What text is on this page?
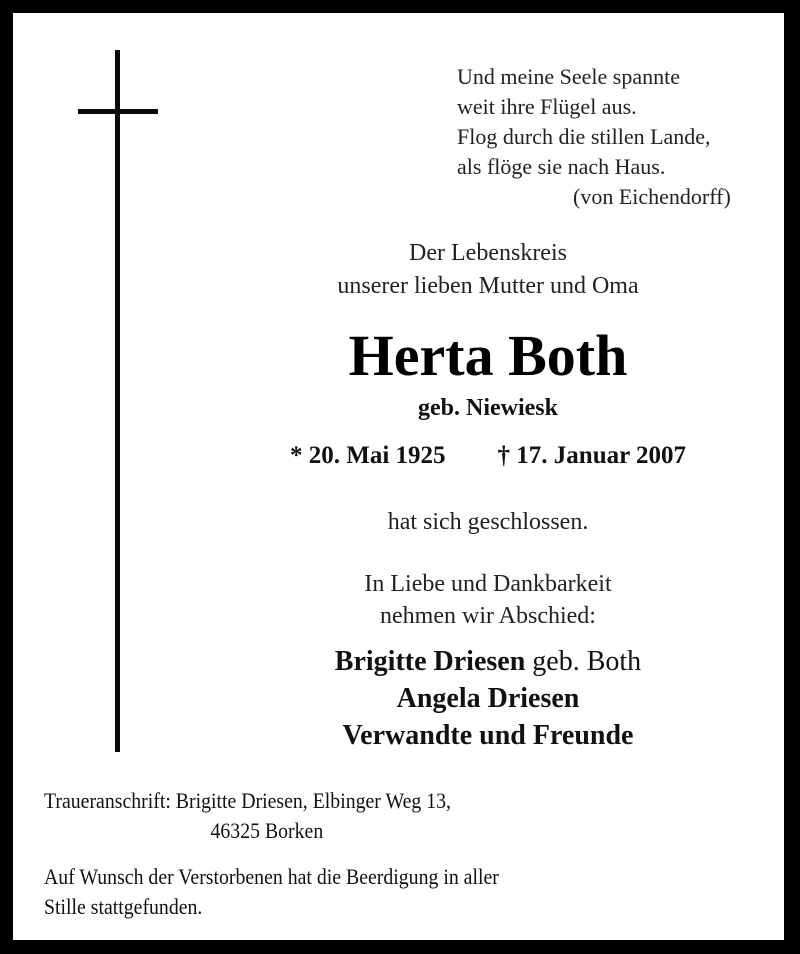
Und meine Seele spannte
weit ihre Flügel aus.
Flog durch die stillen Lande,
als flöge sie nach Haus.
(von Eichendorff)
Der Lebenskreis
unserer lieben Mutter und Oma
Herta Both
geb. Niewiesk
* 20. Mai 1925 † 17. Januar 2007
hat sich geschlossen.
In Liebe und Dankbarkeit
nehmen wir Abschied:
Brigitte Driesen geb. Both
Angela Driesen
Verwandte und Freunde
Traueranschrift: Brigitte Driesen, Elbinger Weg 13,
46325 Borken
Auf Wunsch der Verstorbenen hat die Beerdigung in aller
Stille stattgefunden.
